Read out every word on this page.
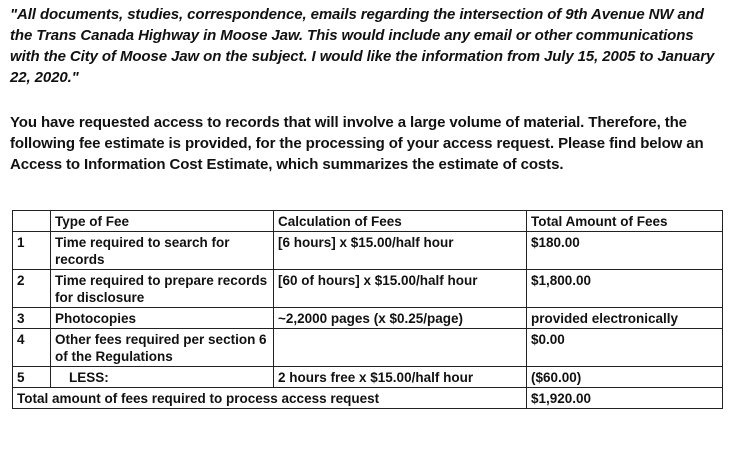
"All documents, studies, correspondence, emails regarding the intersection of 9th Avenue NW and the Trans Canada Highway in Moose Jaw. This would include any email or other communications with the City of Moose Jaw on the subject. I would like the information from July 15, 2005 to January 22, 2020."
You have requested access to records that will involve a large volume of material. Therefore, the following fee estimate is provided, for the processing of your access request. Please find below an Access to Information Cost Estimate, which summarizes the estimate of costs.
	Type of Fee	Calculation of Fees	Total Amount of Fees
1	Time required to search for records	[6 hours] x $15.00/half hour	$180.00
2	Time required to prepare records for disclosure	[60 of hours] x $15.00/half hour	$1,800.00
3	Photocopies	~2,2000 pages (x $0.25/page)	provided electronically
4	Other fees required per section 6 of the Regulations		$0.00
5	LESS:	2 hours free x $15.00/half hour	($60.00)
Total amount of fees required to process access request			$1,920.00
